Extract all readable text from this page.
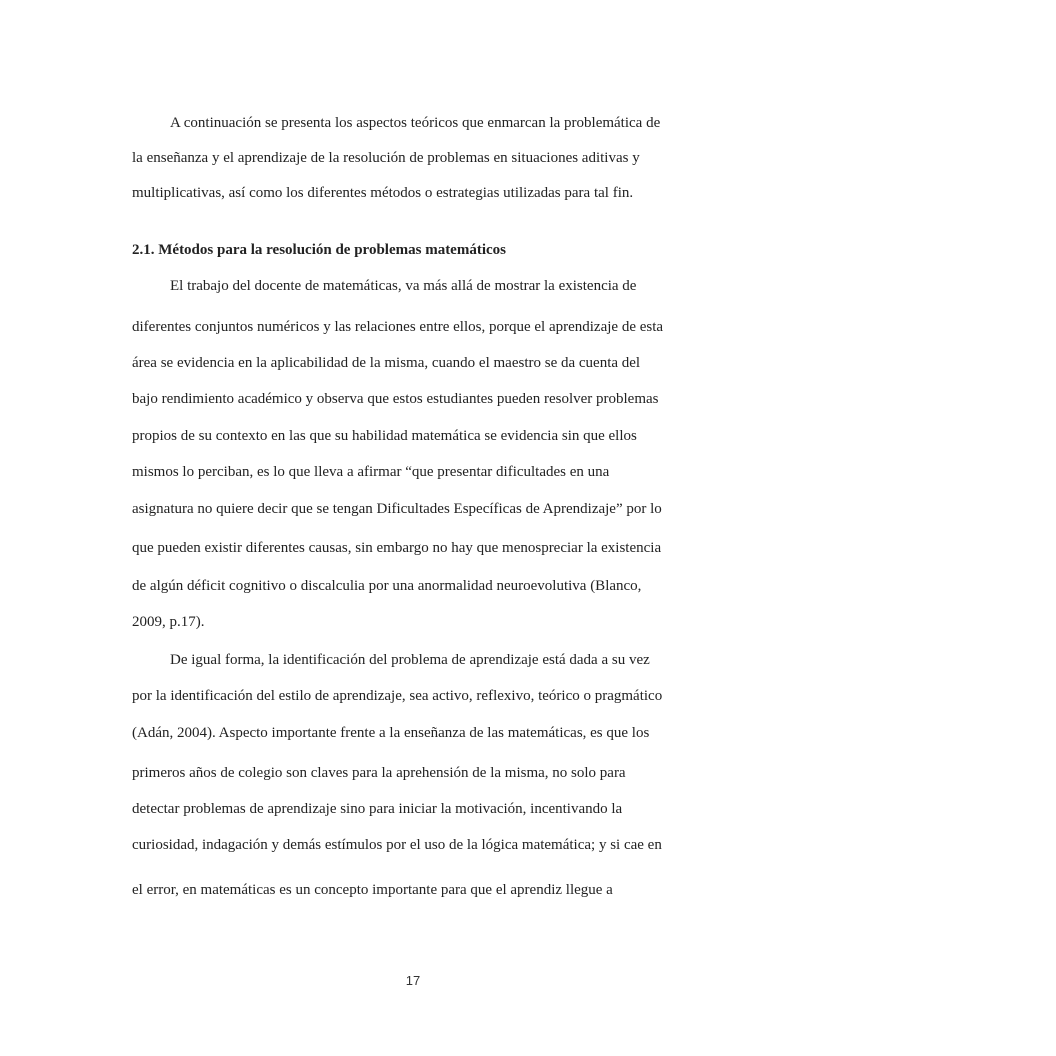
A continuación se presenta los aspectos teóricos que enmarcan la problemática de

la enseñanza y el aprendizaje de la resolución de problemas en situaciones aditivas y

multiplicativas, así como los diferentes métodos o estrategias utilizadas para tal fin.

2.1. Métodos para la resolución de problemas matemáticos

El trabajo del docente de matemáticas, va más allá de mostrar la existencia de

diferentes conjuntos numéricos y las relaciones entre ellos, porque el aprendizaje de esta

área se evidencia en la aplicabilidad de la misma, cuando el maestro se da cuenta del

bajo rendimiento académico y observa que estos estudiantes pueden resolver problemas

propios de su contexto en las que su habilidad matemática se evidencia sin que ellos

mismos lo perciban, es lo que lleva a afirmar “que presentar dificultades en una

asignatura no quiere decir que se tengan Dificultades Específicas de Aprendizaje” por lo

que pueden existir diferentes causas, sin embargo no hay que menospreciar la existencia

de algún déficit cognitivo o discalculia por una anormalidad neuroevolutiva (Blanco,

2009, p.17).

De igual forma, la identificación del problema de aprendizaje está dada a su vez

por la identificación del estilo de aprendizaje, sea activo, reflexivo, teórico o pragmático

(Adán, 2004). Aspecto importante frente a la enseñanza de las matemáticas, es que los

primeros años de colegio son claves para la aprehensión de la misma, no solo para

detectar problemas de aprendizaje sino para iniciar la motivación, incentivando la

curiosidad, indagación y demás estímulos por el uso de la lógica matemática; y si cae en

el error, en matemáticas es un concepto importante para que el aprendiz llegue a

17
